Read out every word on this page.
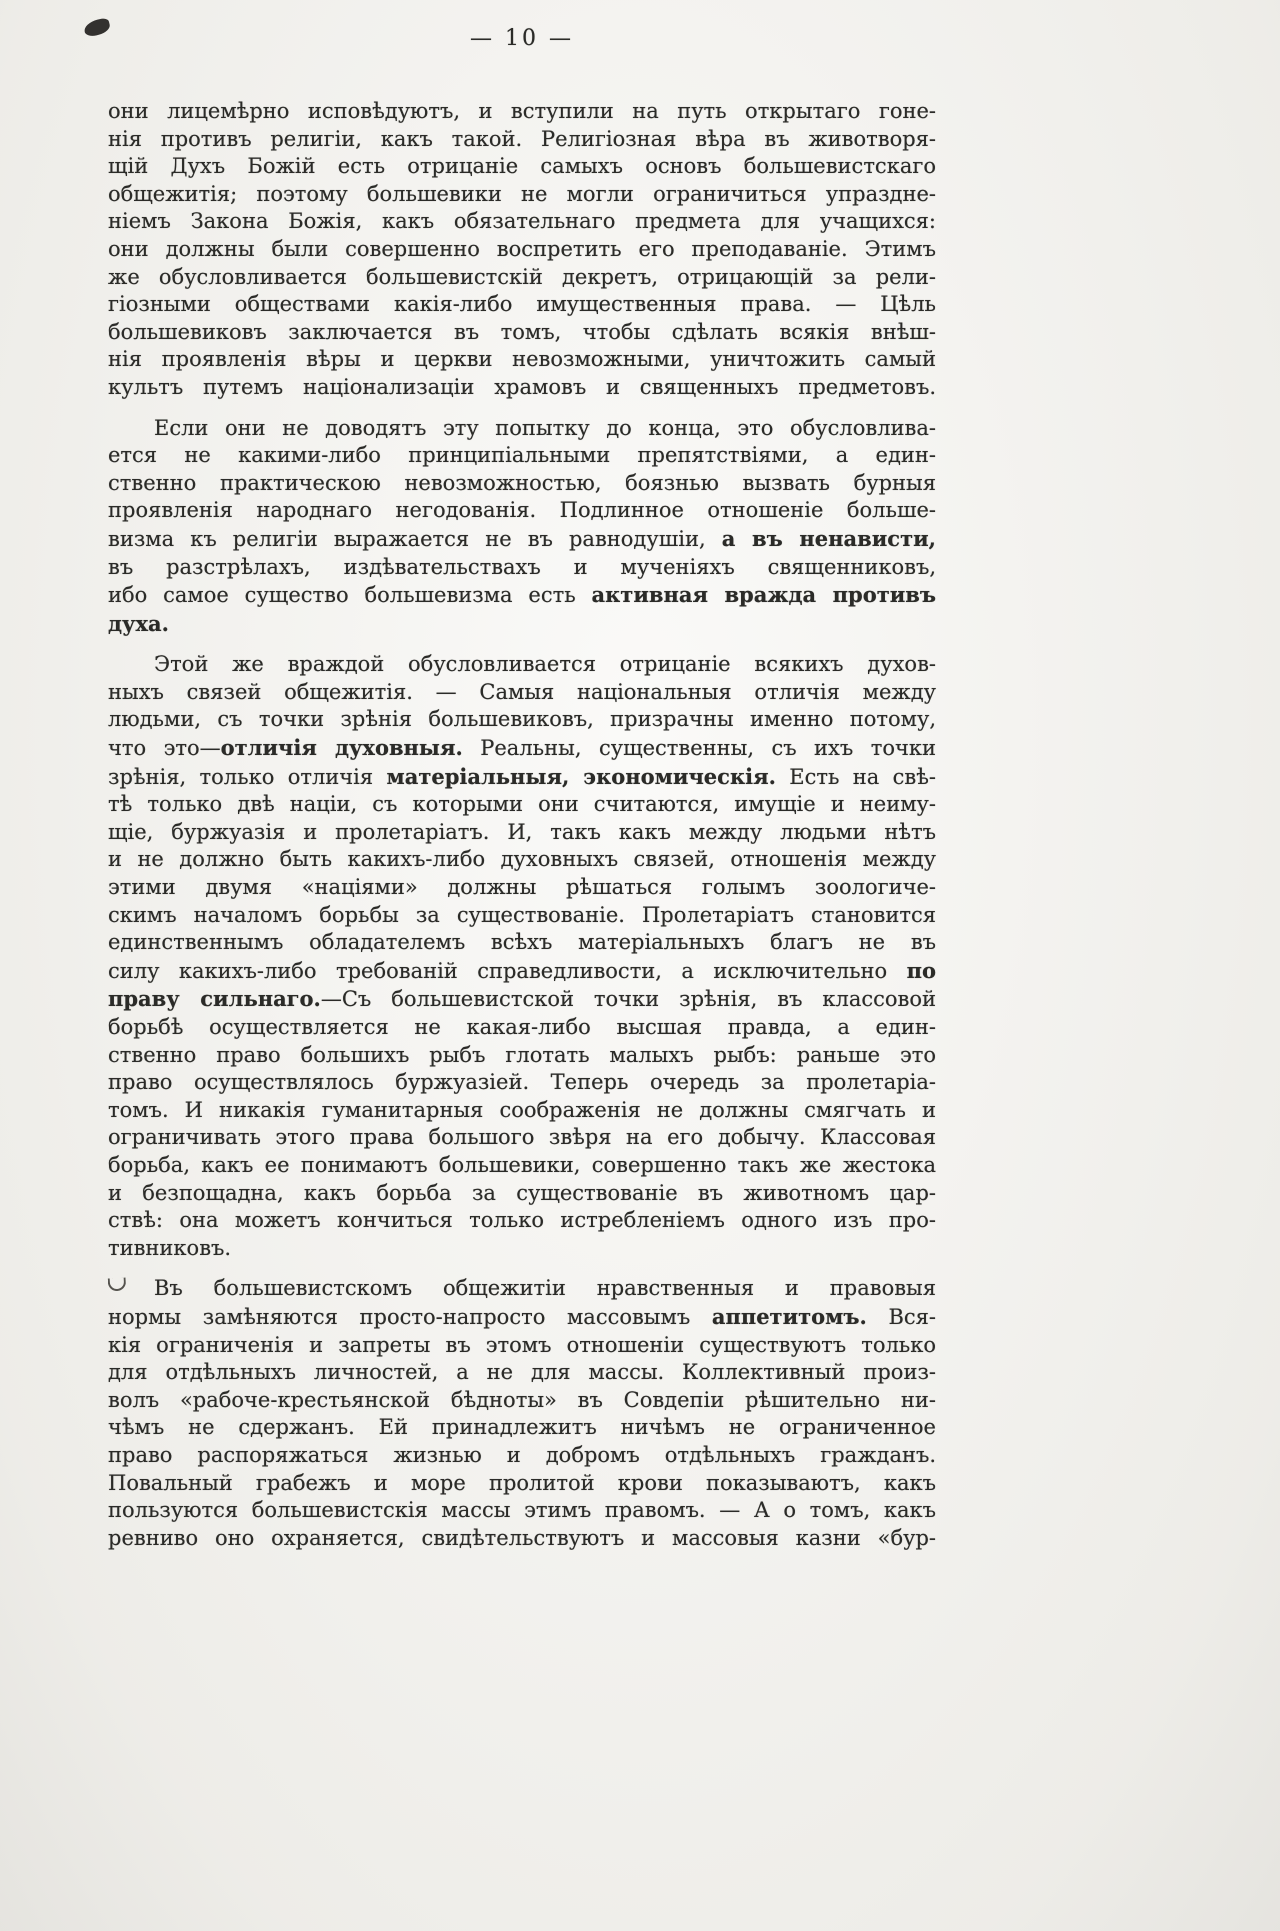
— 10 —
они лицемѣрно исповѣдуютъ, и вступили на путь открытаго гоне-
нія противъ религіи, какъ такой. Религіозная вѣра въ животворя-
щій Духъ Божій есть отрицаніе самыхъ основъ большевистскаго
общежитія; поэтому большевики не могли ограничиться упраздне-
ніемъ Закона Божія, какъ обязательнаго предмета для учащихся:
они должны были совершенно воспретить его преподаваніе. Этимъ
же обусловливается большевистскій декретъ, отрицающій за рели-
гіозными обществами какія-либо имущественныя права. — Цѣль
большевиковъ заключается въ томъ, чтобы сдѣлать всякія внѣш-
нія проявленія вѣры и церкви невозможными, уничтожить самый
культъ путемъ націонализаціи храмовъ и священныхъ предметовъ.
Если они не доводятъ эту попытку до конца, это обусловлива-
ется не какими-либо принципіальными препятствіями, а един-
ственно практическою невозможностью, боязнью вызвать бурныя
проявленія народнаго негодованія. Подлинное отношеніе больше-
визма къ религіи выражается не въ равнодушіи, а въ ненависти,
въ разстрѣлахъ, издѣвательствахъ и мученіяхъ священниковъ,
ибо самое существо большевизма есть активная вражда противъ
духа.
Этой же враждой обусловливается отрицаніе всякихъ духов-
ныхъ связей общежитія. — Самыя національныя отличія между
людьми, съ точки зрѣнія большевиковъ, призрачны именно потому,
что это—отличія духовныя. Реальны, существенны, съ ихъ точки
зрѣнія, только отличія матеріальныя, экономическія. Есть на свѣ-
тѣ только двѣ націи, съ которыми они считаются, имущіе и неиму-
щіе, буржуазія и пролетаріатъ. И, такъ какъ между людьми нѣтъ
и не должно быть какихъ-либо духовныхъ связей, отношенія между
этими двумя «націями» должны рѣшаться голымъ зоологиче-
скимъ началомъ борьбы за существованіе. Пролетаріатъ становится
единственнымъ обладателемъ всѣхъ матеріальныхъ благъ не въ
силу какихъ-либо требованій справедливости, а исключительно по
праву сильнаго.—Съ большевистской точки зрѣнія, въ классовой
борьбѣ осуществляется не какая-либо высшая правда, а един-
ственно право большихъ рыбъ глотать малыхъ рыбъ: раньше это
право осуществлялось буржуазіей. Теперь очередь за пролетаріа-
томъ. И никакія гуманитарныя соображенія не должны смягчать и
ограничивать этого права большого звѣря на его добычу. Классовая
борьба, какъ ее понимаютъ большевики, совершенно такъ же жестока
и безпощадна, какъ борьба за существованіе въ животномъ цар-
ствѣ: она можетъ кончиться только истребленіемъ одного изъ про-
тивниковъ.
Въ большевистскомъ общежитіи нравственныя и правовыя
нормы замѣняются просто-напросто массовымъ аппетитомъ. Вся-
кія ограниченія и запреты въ этомъ отношеніи существуютъ только
для отдѣльныхъ личностей, а не для массы. Коллективный произ-
волъ «рабоче-крестьянской бѣдноты» въ Совдепіи рѣшительно ни-
чѣмъ не сдержанъ. Ей принадлежитъ ничѣмъ не ограниченное
право распоряжаться жизнью и добромъ отдѣльныхъ гражданъ.
Повальный грабежъ и море пролитой крови показываютъ, какъ
пользуются большевистскія массы этимъ правомъ. — А о томъ, какъ
ревниво оно охраняется, свидѣтельствуютъ и массовыя казни «бур-
